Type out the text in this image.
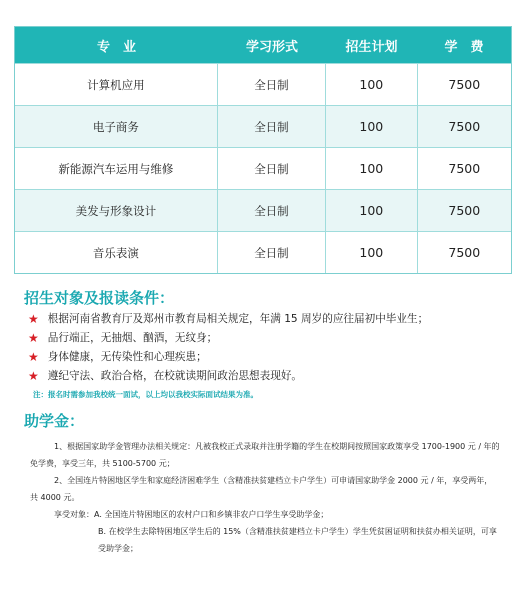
专　业	学习形式	招生计划	学　费
计算机应用	全日制	100	7500
电子商务	全日制	100	7500
新能源汽车运用与维修	全日制	100	7500
美发与形象设计	全日制	100	7500
音乐表演	全日制	100	7500
招生对象及报读条件：
★ 根据河南省教育厅及郑州市教育局相关规定，年满 15 周岁的应往届初中毕业生；
★ 品行端正，无抽烟、酗酒，无纹身；
★ 身体健康，无传染性和心理疾患；
★ 遵纪守法、政治合格，在校就读期间政治思想表现好。
注：报名时需参加我校统一面试，以上均以我校实际面试结果为准。
助学金：
1、根据国家助学金管理办法相关规定：凡被我校正式录取并注册学籍的学生在校期间按照国家政策享受 1700-1900 元 / 年的免学费，享受三年，共 5100-5700 元；
2、全国连片特困地区学生和家庭经济困难学生（含精准扶贫建档立卡户学生）可申请国家助学金 2000 元 / 年，享受两年，共 4000 元。
享受对象：A. 全国连片特困地区的农村户口和乡镇非农户口学生享受助学金；
B. 在校学生去除特困地区学生后的 15%（含精准扶贫建档立卡户学生）学生凭贫困证明和扶贫办相关证明，可享受助学金；
